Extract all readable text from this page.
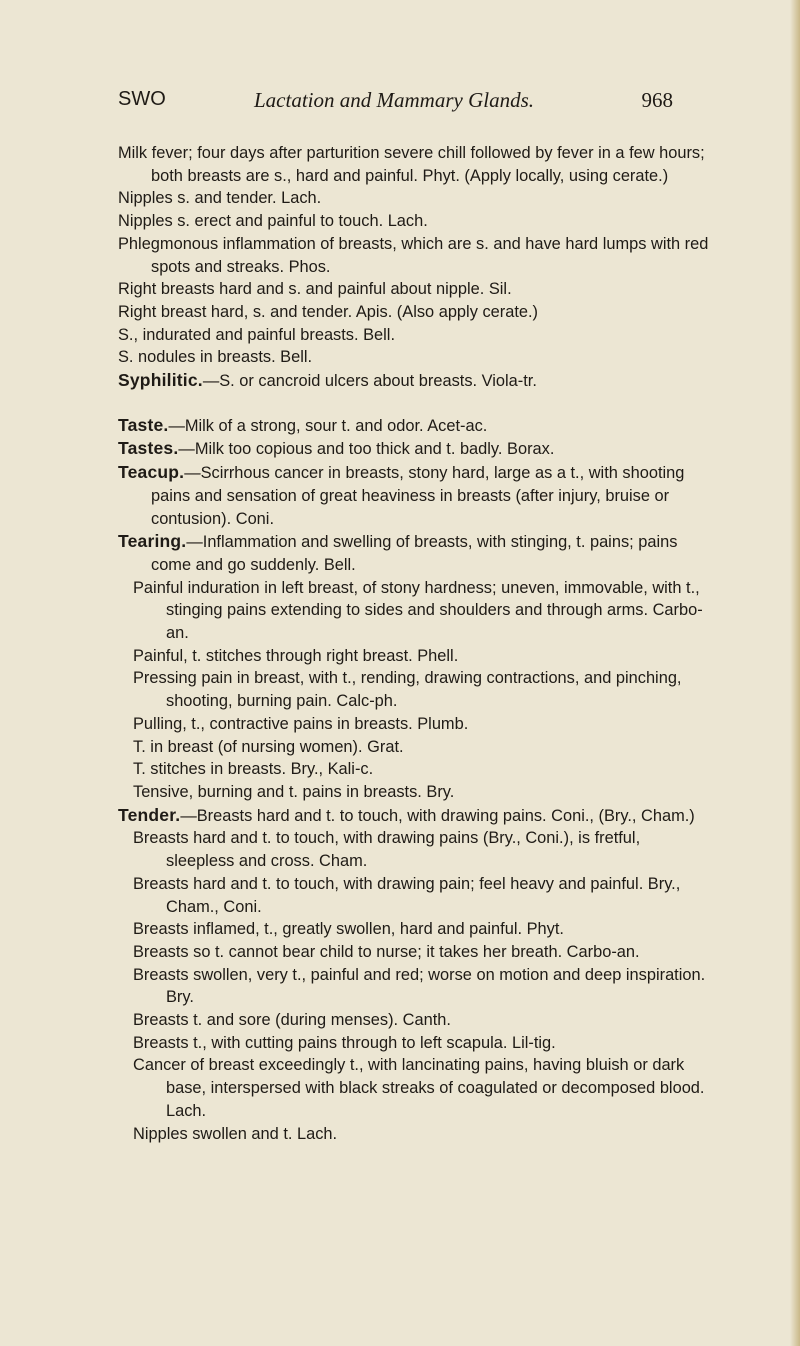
SWO	Lactation and Mammary Glands.	968

Milk fever; four days after parturition severe chill followed by fever in a few hours; both breasts are s., hard and painful. Phyt. (Apply locally, using cerate.)

Nipples s. and tender. Lach.

Nipples s. erect and painful to touch. Lach.

Phlegmonous inflammation of breasts, which are s. and have hard lumps with red spots and streaks. Phos.

Right breasts hard and s. and painful about nipple. Sil.

Right breast hard, s. and tender. Apis. (Also apply cerate.)

S., indurated and painful breasts. Bell.

S. nodules in breasts. Bell.

Syphilitic.—S. or cancroid ulcers about breasts. Viola-tr.

Taste.—Milk of a strong, sour t. and odor. Acet-ac.

Tastes.—Milk too copious and too thick and t. badly. Borax.

Teacup.—Scirrhous cancer in breasts, stony hard, large as a t., with shooting pains and sensation of great heaviness in breasts (after injury, bruise or contusion). Coni.

Tearing.—Inflammation and swelling of breasts, with stinging, t. pains; pains come and go suddenly. Bell.

Painful induration in left breast, of stony hardness; uneven, immovable, with t., stinging pains extending to sides and shoulders and through arms. Carbo-an.

Painful, t. stitches through right breast. Phell.

Pressing pain in breast, with t., rending, drawing contractions, and pinching, shooting, burning pain. Calc-ph.

Pulling, t., contractive pains in breasts. Plumb.

T. in breast (of nursing women). Grat.

T. stitches in breasts. Bry., Kali-c.

Tensive, burning and t. pains in breasts. Bry.

Tender.—Breasts hard and t. to touch, with drawing pains. Coni., (Bry., Cham.)

Breasts hard and t. to touch, with drawing pains (Bry., Coni.), is fretful, sleepless and cross. Cham.

Breasts hard and t. to touch, with drawing pain; feel heavy and painful. Bry., Cham., Coni.

Breasts inflamed, t., greatly swollen, hard and painful. Phyt.

Breasts so t. cannot bear child to nurse; it takes her breath. Carbo-an.

Breasts swollen, very t., painful and red; worse on motion and deep inspiration. Bry.

Breasts t. and sore (during menses). Canth.

Breasts t., with cutting pains through to left scapula. Lil-tig.

Cancer of breast exceedingly t., with lancinating pains, having bluish or dark base, interspersed with black streaks of coagulated or decomposed blood. Lach.

Nipples swollen and t. Lach.
